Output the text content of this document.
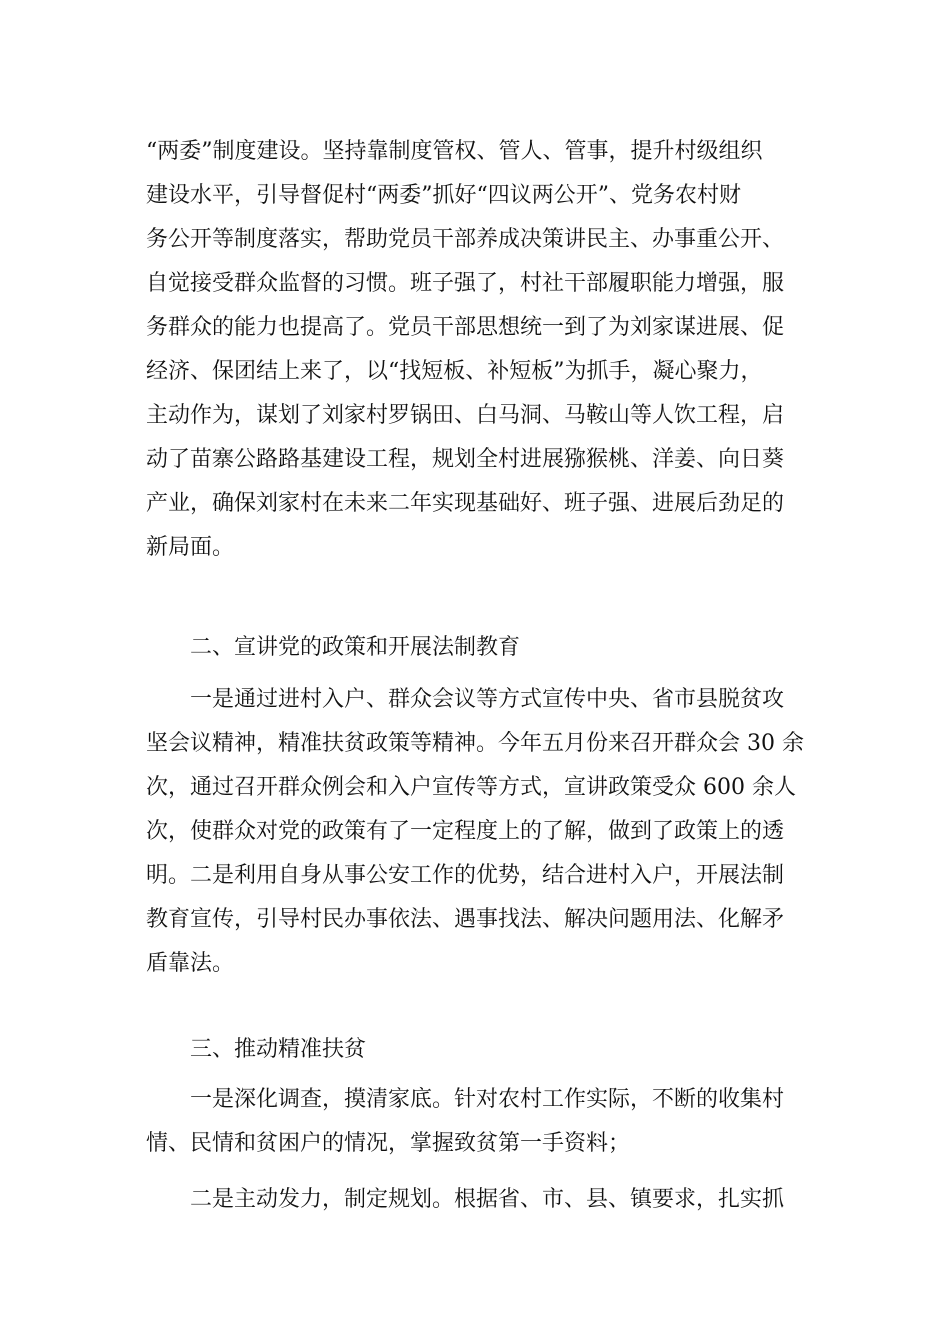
“两委”制度建设。坚持靠制度管权、管人、管事，提升村级组织
建设水平，引导督促村“两委”抓好“四议两公开”、党务农村财
务公开等制度落实，帮助党员干部养成决策讲民主、办事重公开、
自觉接受群众监督的习惯。班子强了，村社干部履职能力增强，服
务群众的能力也提高了。党员干部思想统一到了为刘家谋进展、促
经济、保团结上来了，以“找短板、补短板”为抓手，凝心聚力，
主动作为，谋划了刘家村罗锅田、白马洞、马鞍山等人饮工程，启
动了苗寨公路路基建设工程，规划全村进展猕猴桃、洋姜、向日葵
产业，确保刘家村在未来二年实现基础好、班子强、进展后劲足的
新局面。
二、宣讲党的政策和开展法制教育
一是通过进村入户、群众会议等方式宣传中央、省市县脱贫攻
坚会议精神，精准扶贫政策等精神。今年五月份来召开群众会 30 余
次，通过召开群众例会和入户宣传等方式，宣讲政策受众 600 余人
次，使群众对党的政策有了一定程度上的了解，做到了政策上的透
明。二是利用自身从事公安工作的优势，结合进村入户，开展法制
教育宣传，引导村民办事依法、遇事找法、解决问题用法、化解矛
盾靠法。
三、推动精准扶贫
一是深化调查，摸清家底。针对农村工作实际，不断的收集村
情、民情和贫困户的情况，掌握致贫第一手资料；
二是主动发力，制定规划。根据省、市、县、镇要求，扎实抓
